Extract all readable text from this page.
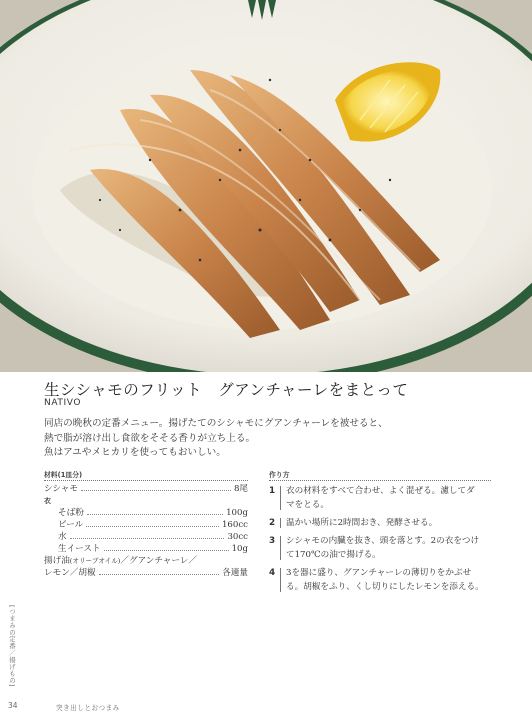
生シシャモのフリット　グアンチャーレをまとって
NATIVO
同店の晩秋の定番メニュー。揚げたてのシシャモにグアンチャーレを被せると、
熱で脂が溶け出し食欲をそそる香りが立ち上る。
魚はアユやメヒカリを使ってもおいしい。
材料(1皿分)
シシャモ	8尾
衣
そば粉	100g
ビール	160cc
水	30cc
生イースト	10g
揚げ油(オリーブオイル)／グアンチャーレ／
レモン／胡椒	各適量
作り方
1	衣の材料をすべて合わせ、よく混ぜる。濾してダ
マをとる。
2	温かい場所に2時間おき、発酵させる。
3	シシャモの内臓を抜き、頭を落とす。2の衣をつけ
て170℃の油で揚げる。
4	3を器に盛り、グアンチャーレの薄切りをかぶせ
る。胡椒をふり、くし切りにしたレモンを添える。
[つまみの定番／揚げもの]
34	突き出しとおつまみ
